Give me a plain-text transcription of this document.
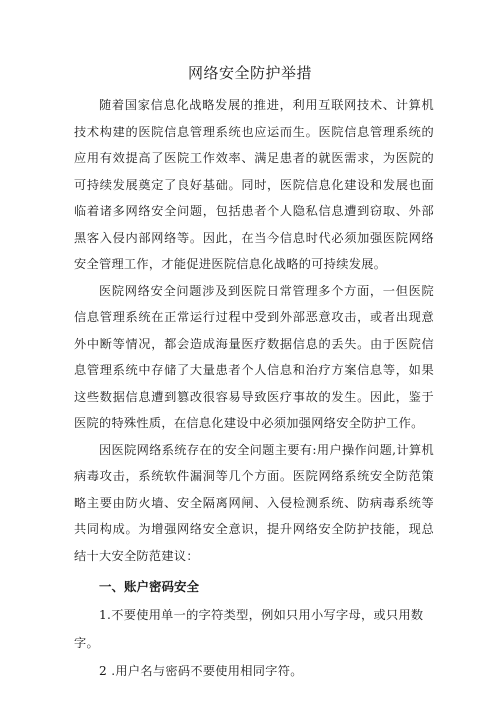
网络安全防护举措

随着国家信息化战略发展的推进，利用互联网技术、计算机技术构建的医院信息管理系统也应运而生。医院信息管理系统的应用有效提高了医院工作效率、满足患者的就医需求，为医院的可持续发展奠定了良好基础。同时，医院信息化建设和发展也面临着诸多网络安全问题，包括患者个人隐私信息遭到窃取、外部黑客入侵内部网络等。因此，在当今信息时代必须加强医院网络安全管理工作，才能促进医院信息化战略的可持续发展。

医院网络安全问题涉及到医院日常管理多个方面，一但医院信息管理系统在正常运行过程中受到外部恶意攻击，或者出现意外中断等情况，都会造成海量医疗数据信息的丢失。由于医院信息管理系统中存储了大量患者个人信息和治疗方案信息等，如果这些数据信息遭到篡改很容易导致医疗事故的发生。因此，鉴于医院的特殊性质，在信息化建设中必须加强网络安全防护工作。

因医院网络系统存在的安全问题主要有:用户操作问题,计算机病毒攻击，系统软件漏洞等几个方面。医院网络系统安全防范策略主要由防火墙、安全隔离网闸、入侵检测系统、防病毒系统等共同构成。为增强网络安全意识，提升网络安全防护技能，现总结十大安全防范建议：

一、账户密码安全

1.不要使用单一的字符类型，例如只用小写字母，或只用数字。

2 .用户名与密码不要使用相同字符。
